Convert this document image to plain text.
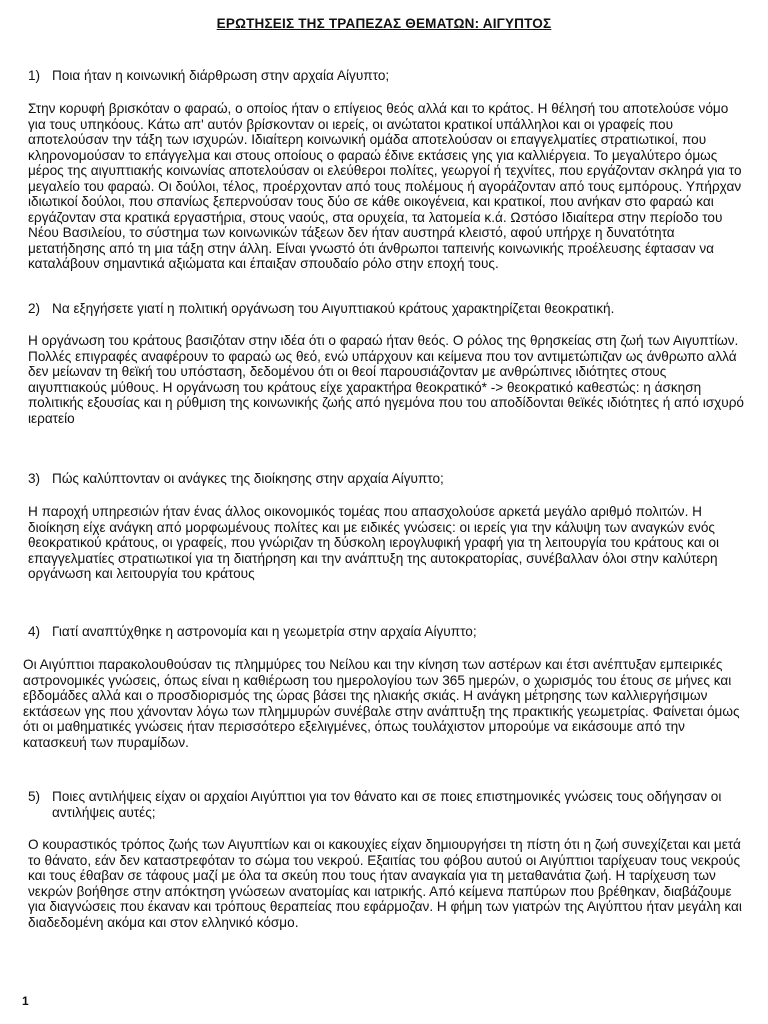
ΕΡΩΤΗΣΕΙΣ ΤΗΣ ΤΡΑΠΕΖΑΣ ΘΕΜΑΤΩΝ: ΑΙΓΥΠΤΟΣ
1) Ποια ήταν η κοινωνική διάρθρωση στην αρχαία Αίγυπτο;
Στην κορυφή βρισκόταν ο φαραώ, ο οποίος ήταν ο επίγειος θεός αλλά και το κράτος. Η θέλησή του αποτελούσε νόμο για τους υπηκόους. Κάτω απ' αυτόν βρίσκονταν οι ιερείς, οι ανώτατοι κρατικοί υπάλληλοι και οι γραφείς που αποτελούσαν την τάξη των ισχυρών. Ιδιαίτερη κοινωνική ομάδα αποτελούσαν οι επαγγελματίες στρατιωτικοί, που κληρονομούσαν το επάγγελμα και στους οποίους ο φαραώ έδινε εκτάσεις γης για καλλιέργεια. Το μεγαλύτερο όμως μέρος της αιγυπτιακής κοινωνίας αποτελούσαν οι ελεύθεροι πολίτες, γεωργοί ή τεχνίτες, που εργάζονταν σκληρά για το μεγαλείο του φαραώ. Οι δούλοι, τέλος, προέρχονταν από τους πολέμους ή αγοράζονταν από τους εμπόρους. Υπήρχαν ιδιωτικοί δούλοι, που σπανίως ξεπερνούσαν τους δύο σε κάθε οικογένεια, και κρατικοί, που ανήκαν στο φαραώ και εργάζονταν στα κρατικά εργαστήρια, στους ναούς, στα ορυχεία, τα λατομεία κ.ά. Ωστόσο Ιδιαίτερα στην περίοδο του Νέου Βασιλείου, το σύστημα των κοινωνικών τάξεων δεν ήταν αυστηρά κλειστό, αφού υπήρχε η δυνατότητα μετατήδησης από τη μια τάξη στην άλλη. Είναι γνωστό ότι άνθρωποι ταπεινής κοινωνικής προέλευσης έφτασαν να καταλάβουν σημαντικά αξιώματα και έπαιξαν σπουδαίο ρόλο στην εποχή τους.
2) Να εξηγήσετε γιατί η πολιτική οργάνωση του Αιγυπτιακού κράτους χαρακτηρίζεται θεοκρατική.
Η οργάνωση του κράτους βασιζόταν στην ιδέα ότι ο φαραώ ήταν θεός. Ο ρόλος της θρησκείας στη ζωή των Αιγυπτίων. Πολλές επιγραφές αναφέρουν το φαραώ ως θεό, ενώ υπάρχουν και κείμενα που τον αντιμετώπιζαν ως άνθρωπο αλλά δεν μείωναν τη θεϊκή του υπόσταση, δεδομένου ότι οι θεοί παρουσιάζονταν με ανθρώπινες ιδιότητες στους αιγυπτιακούς μύθους. Η οργάνωση του κράτους είχε χαρακτήρα θεοκρατικό* -> θεοκρατικό καθεστώς: η άσκηση πολιτικής εξουσίας και η ρύθμιση της κοινωνικής ζωής από ηγεμόνα που του αποδίδονται θεϊκές ιδιότητες ή από ισχυρό ιερατείο
3) Πώς καλύπτονταν οι ανάγκες της διοίκησης στην αρχαία Αίγυπτο;
Η παροχή υπηρεσιών ήταν ένας άλλος οικονομικός τομέας που απασχολούσε αρκετά μεγάλο αριθμό πολιτών. Η διοίκηση είχε ανάγκη από μορφωμένους πολίτες και με ειδικές γνώσεις: οι ιερείς για την κάλυψη των αναγκών ενός θεοκρατικού κράτους, οι γραφείς, που γνώριζαν τη δύσκολη ιερογλυφική γραφή για τη λειτουργία του κράτους και οι επαγγελματίες στρατιωτικοί για τη διατήρηση και την ανάπτυξη της αυτοκρατορίας, συνέβαλλαν όλοι στην καλύτερη οργάνωση και λειτουργία του κράτους
4) Γιατί αναπτύχθηκε η αστρονομία και η γεωμετρία στην αρχαία Αίγυπτο;
Οι Αιγύπτιοι παρακολουθούσαν τις πλημμύρες του Νείλου και την κίνηση των αστέρων και έτσι ανέπτυξαν εμπειρικές αστρονομικές γνώσεις, όπως είναι η καθιέρωση του ημερολογίου των 365 ημερών, ο χωρισμός του έτους σε μήνες και εβδομάδες αλλά και ο προσδιορισμός της ώρας βάσει της ηλιακής σκιάς. Η ανάγκη μέτρησης των καλλιεργήσιμων εκτάσεων γης που χάνονταν λόγω των πλημμυρών συνέβαλε στην ανάπτυξη της πρακτικής γεωμετρίας. Φαίνεται όμως ότι οι μαθηματικές γνώσεις ήταν περισσότερο εξελιγμένες, όπως τουλάχιστον μπορούμε να εικάσουμε από την κατασκευή των πυραμίδων.
5) Ποιες αντιλήψεις είχαν οι αρχαίοι Αιγύπτιοι για τον θάνατο και σε ποιες επιστημονικές γνώσεις τους οδήγησαν οι αντιλήψεις αυτές;
Ο κουραστικός τρόπος ζωής των Αιγυπτίων και οι κακουχίες είχαν δημιουργήσει τη πίστη ότι η ζωή συνεχίζεται και μετά το θάνατο, εάν δεν καταστρεφόταν το σώμα του νεκρού. Εξαιτίας του φόβου αυτού οι Αιγύπτιοι ταρίχευαν τους νεκρούς και τους έθαβαν σε τάφους μαζί με όλα τα σκεύη που τους ήταν αναγκαία για τη μεταθανάτια ζωή. Η ταρίχευση των νεκρών βοήθησε στην απόκτηση γνώσεων ανατομίας και ιατρικής. Από κείμενα παπύρων που βρέθηκαν, διαβάζουμε για διαγνώσεις που έκαναν και τρόπους θεραπείας που εφάρμοζαν. Η φήμη των γιατρών της Αιγύπτου ήταν μεγάλη και διαδεδομένη ακόμα και στον ελληνικό κόσμο.
1
